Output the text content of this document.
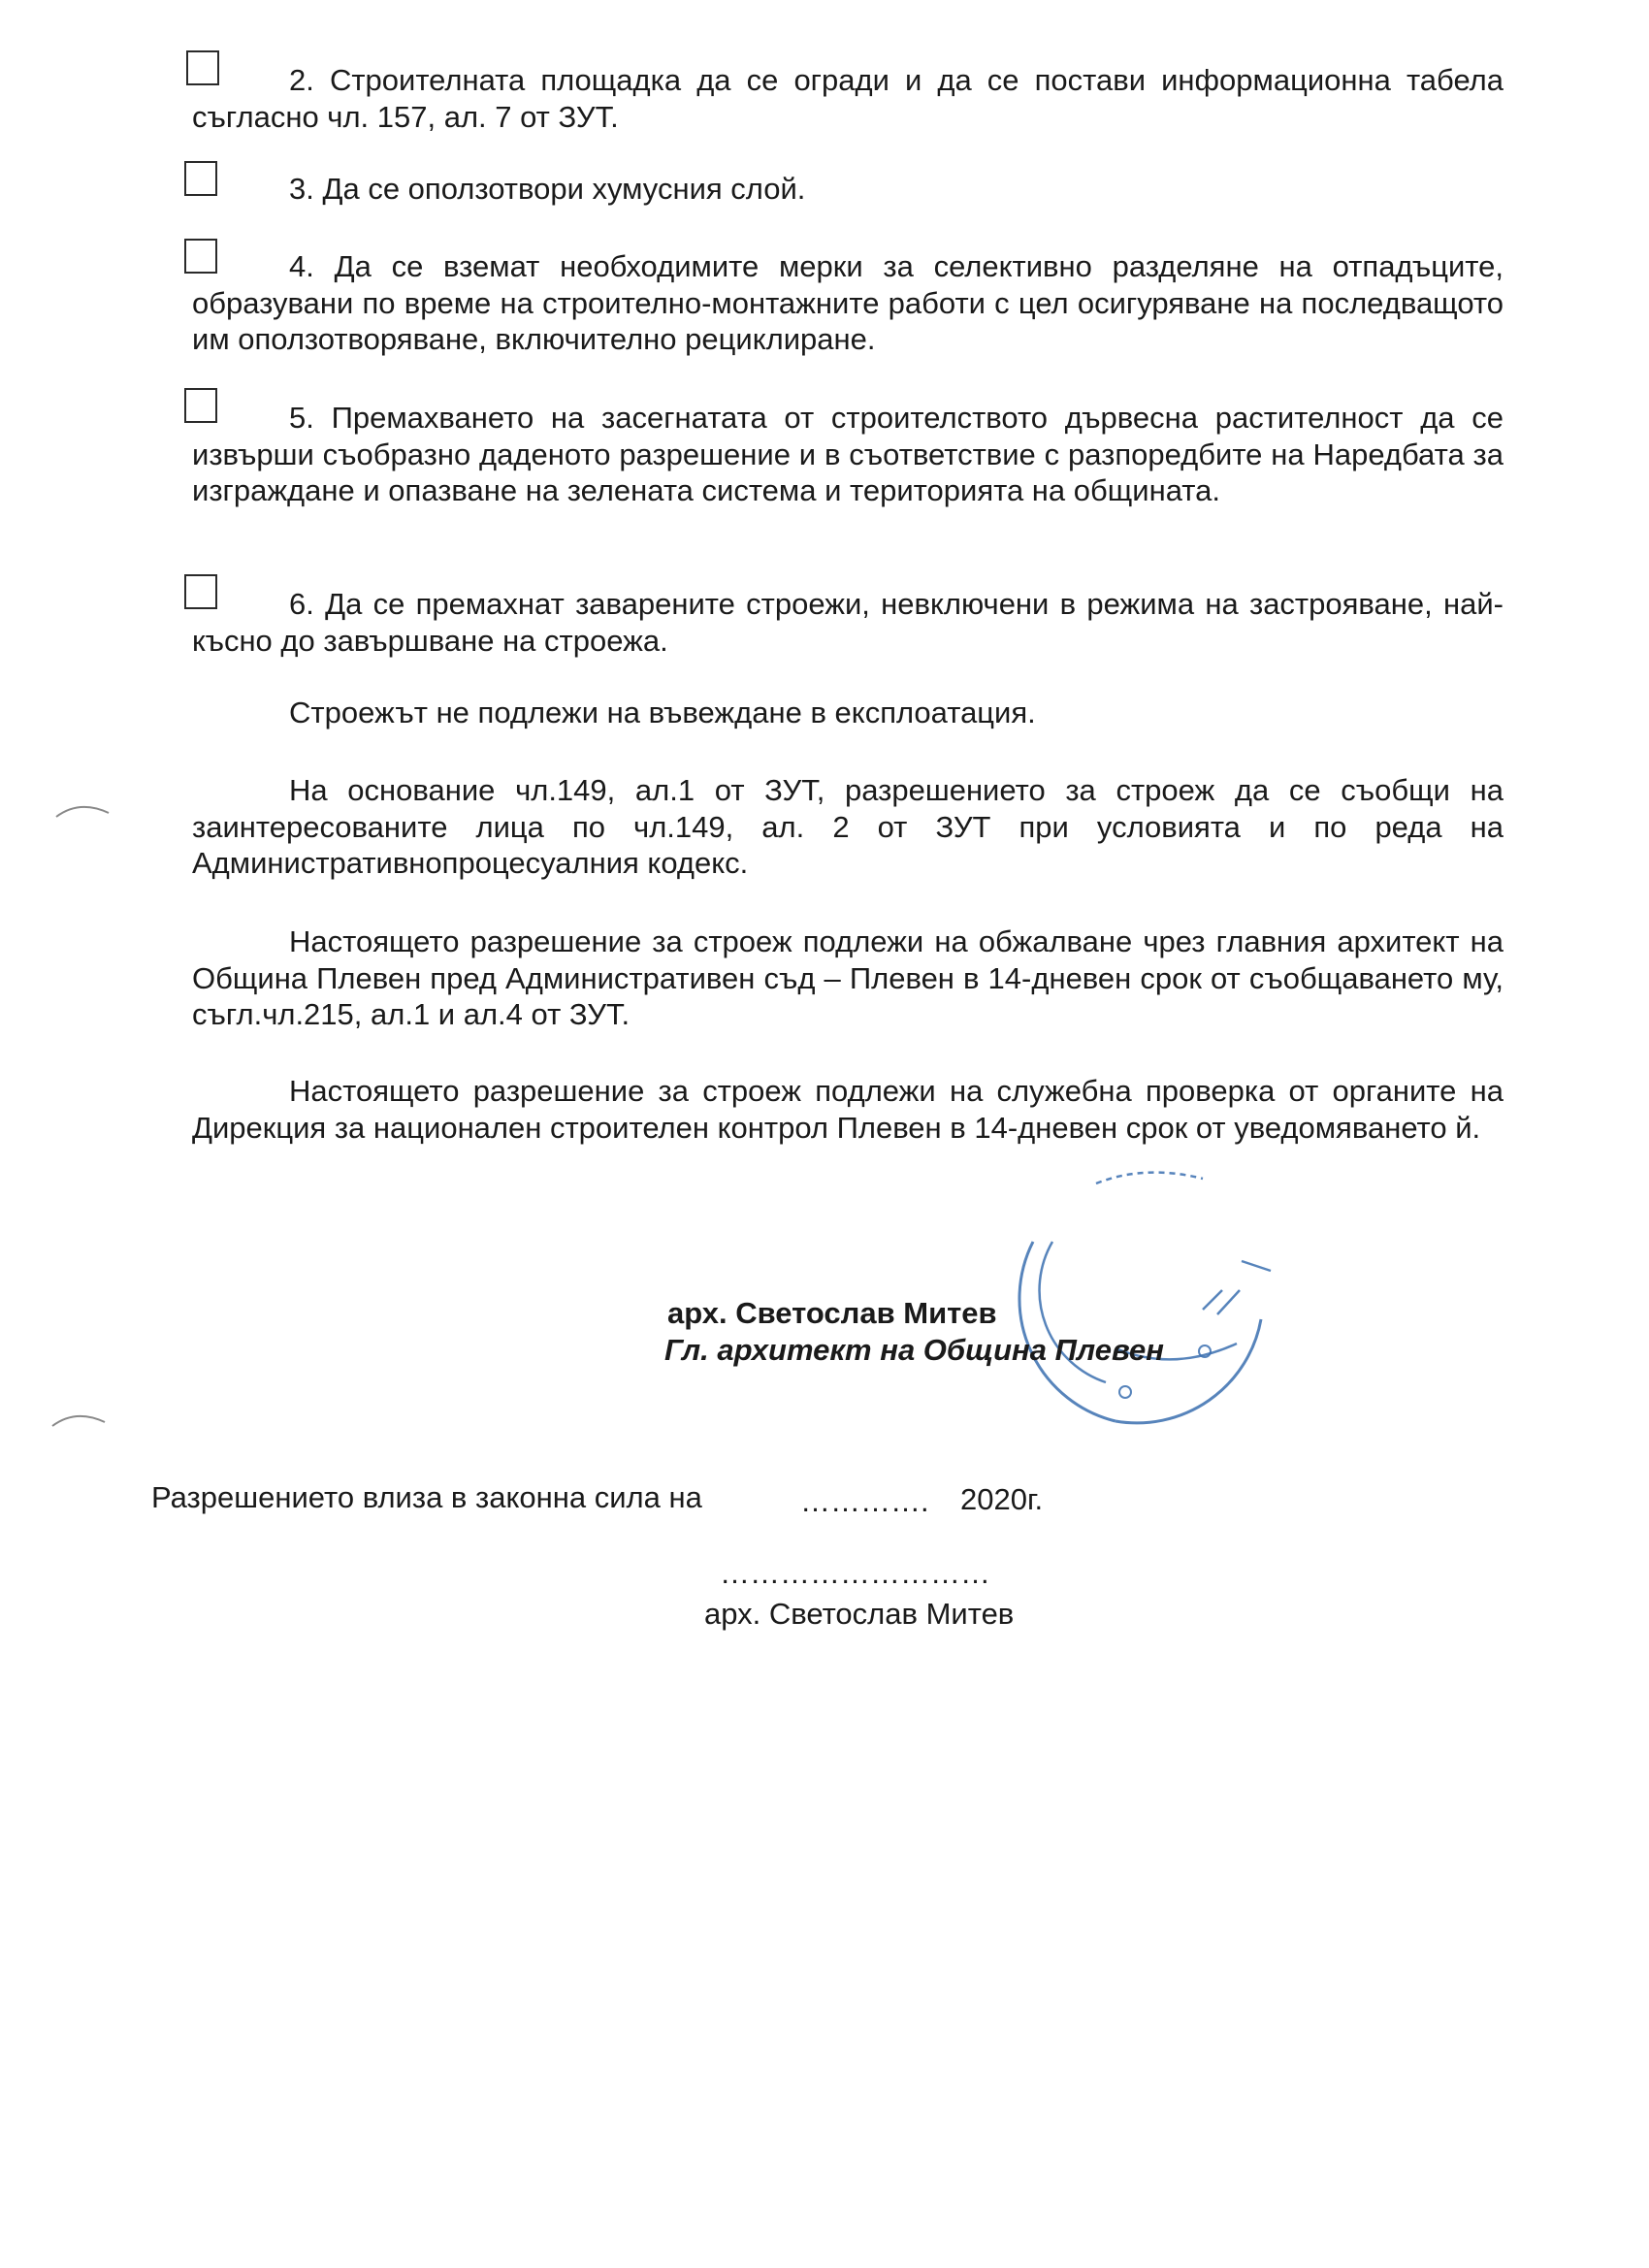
2. Строителната площадка да се огради и да се постави информационна табела съгласно чл. 157, ал. 7 от ЗУТ.

3. Да се оползотвори хумусния слой.

4. Да се вземат необходимите мерки за селективно разделяне на отпадъците, образувани по време на строително-монтажните работи с цел осигуряване на последващото им оползотворяване, включително рециклиране.

5. Премахването на засегнатата от строителството дървесна растителност да се извърши съобразно даденото разрешение и в съответствие с разпоредбите на Наредбата за изграждане и опазване на зелената система и територията на общината.

6. Да се премахнат заварените строежи, невключени в режима на застрояване, най-късно до завършване на строежа.

Строежът не подлежи на въвеждане в експлоатация.

На основание чл.149, ал.1 от ЗУТ, разрешението за строеж да се съобщи на заинтересованите лица по чл.149, ал. 2 от ЗУТ при условията и по реда на Административнопроцесуалния кодекс.

Настоящето разрешение за строеж подлежи на обжалване чрез главния архитект на Община Плевен пред Административен съд – Плевен в 14-дневен срок от съобщаването му, съгл.чл.215, ал.1 и ал.4 от ЗУТ.

Настоящето разрешение за строеж подлежи на служебна проверка от органите на Дирекция за национален строителен контрол Плевен в 14-дневен срок от уведомяването й.

арх. Светослав Митев
Гл. архитект на Община Плевен
Разрешението влиза в законна сила на	…………. 2020г.
………………………
арх. Светослав Митев
